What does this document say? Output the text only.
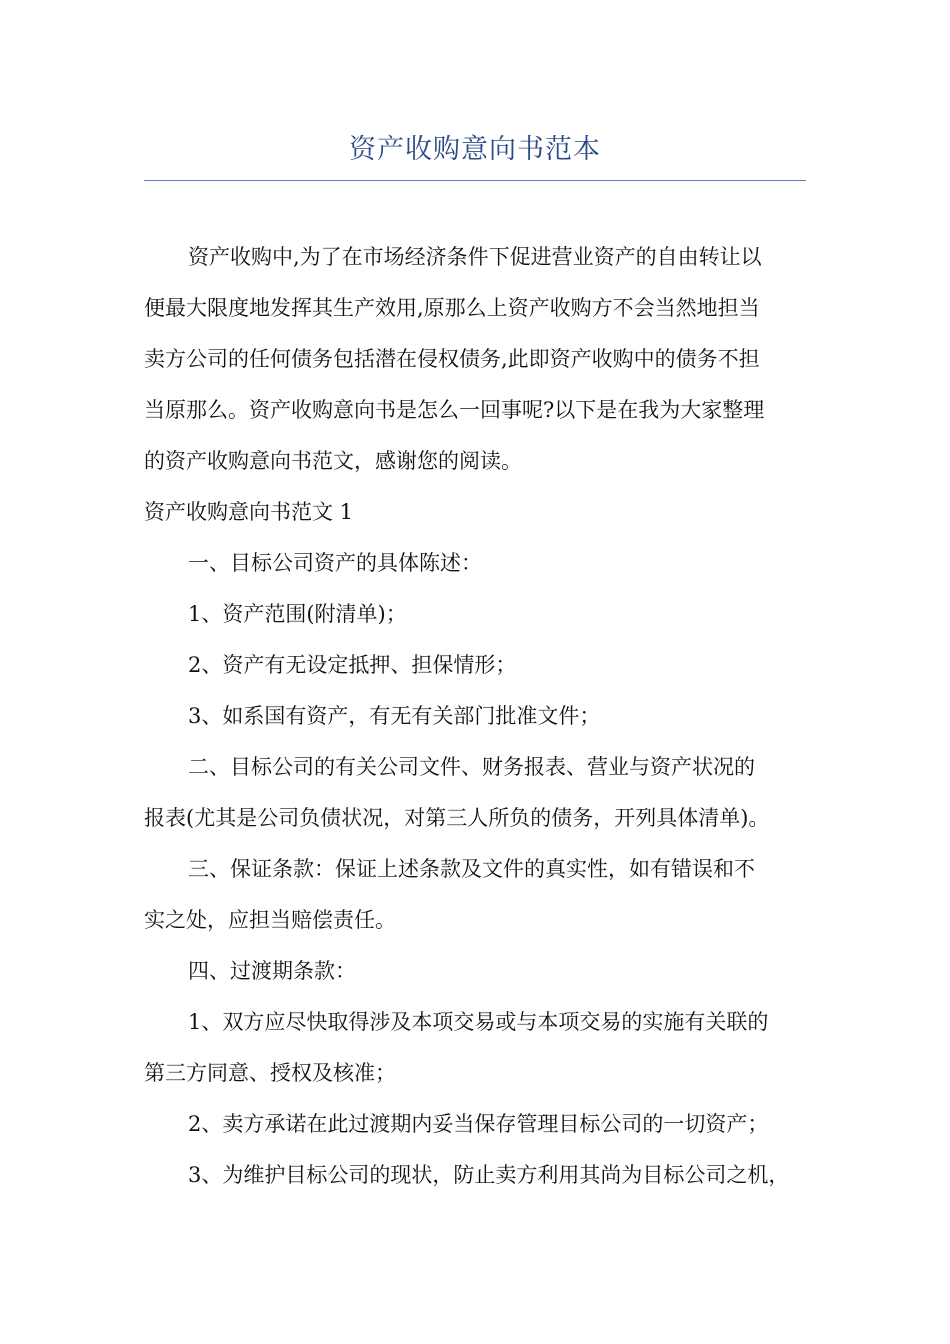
资产收购意向书范本
资产收购中,为了在市场经济条件下促进营业资产的自由转让以
便最大限度地发挥其生产效用,原那么上资产收购方不会当然地担当
卖方公司的任何债务包括潜在侵权债务,此即资产收购中的债务不担
当原那么。资产收购意向书是怎么一回事呢?以下是在我为大家整理
的资产收购意向书范文，感谢您的阅读。
资产收购意向书范文 1
一、目标公司资产的具体陈述：
1、资产范围(附清单)；
2、资产有无设定抵押、担保情形；
3、如系国有资产，有无有关部门批准文件；
二、目标公司的有关公司文件、财务报表、营业与资产状况的
报表(尤其是公司负债状况，对第三人所负的债务，开列具体清单)。
三、保证条款：保证上述条款及文件的真实性，如有错误和不
实之处，应担当赔偿责任。
四、过渡期条款：
1、双方应尽快取得涉及本项交易或与本项交易的实施有关联的
第三方同意、授权及核准；
2、卖方承诺在此过渡期内妥当保存管理目标公司的一切资产；
3、为维护目标公司的现状，防止卖方利用其尚为目标公司之机，
